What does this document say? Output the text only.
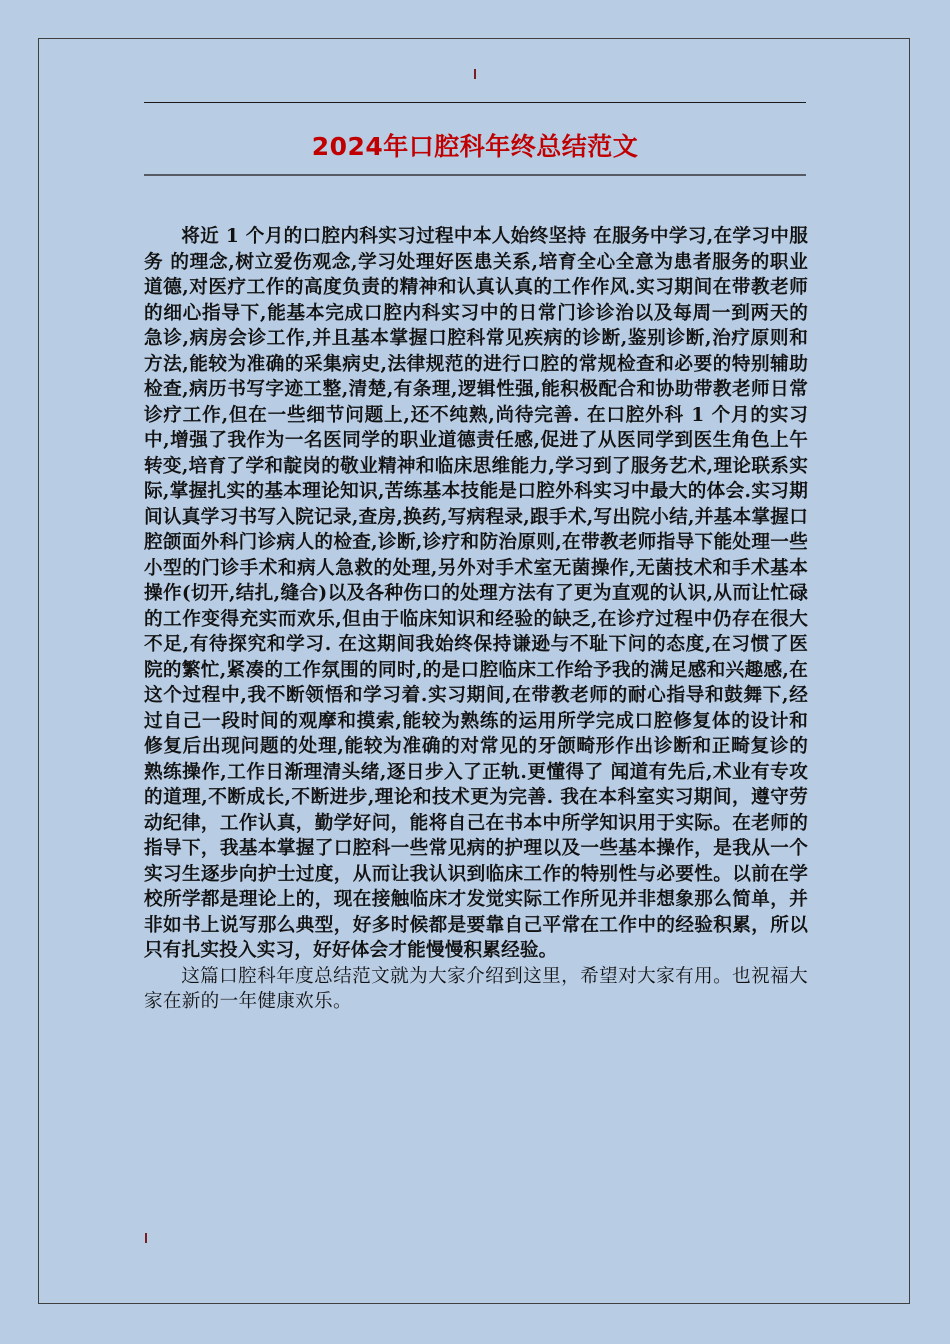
2024年口腔科年终总结范文

将近 1 个月的口腔内科实习过程中本人始终坚持 在服务中学习,在学习中服务 的理念,树立爱伤观念,学习处理好医患关系,培育全心全意为患者服务的职业道德,对医疗工作的高度负责的精神和认真认真的工作作风.实习期间在带教老师的细心指导下,能基本完成口腔内科实习中的日常门诊诊治以及每周一到两天的急诊,病房会诊工作,并且基本掌握口腔科常见疾病的诊断,鉴别诊断,治疗原则和方法,能较为准确的采集病史,法律规范的进行口腔的常规检查和必要的特别辅助检查,病历书写字迹工整,清楚,有条理,逻辑性强,能积极配合和协助带教老师日常诊疗工作,但在一些细节问题上,还不纯熟,尚待完善. 在口腔外科 1 个月的实习中,增强了我作为一名医同学的职业道德责任感,促进了从医同学到医生角色上午转变,培育了学和靛岗的敬业精神和临床思维能力,学习到了服务艺术,理论联系实际,掌握扎实的基本理论知识,苦练基本技能是口腔外科实习中最大的体会.实习期间认真学习书写入院记录,查房,换药,写病程录,跟手术,写出院小结,并基本掌握口腔颌面外科门诊病人的检查,诊断,诊疗和防治原则,在带教老师指导下能处理一些小型的门诊手术和病人急救的处理,另外对手术室无菌操作,无菌技术和手术基本操作(切开,结扎,缝合)以及各种伤口的处理方法有了更为直观的认识,从而让忙碌的工作变得充实而欢乐,但由于临床知识和经验的缺乏,在诊疗过程中仍存在很大不足,有待探究和学习. 在这期间我始终保持谦逊与不耻下问的态度,在习惯了医院的繁忙,紧凑的工作氛围的同时,的是口腔临床工作给予我的满足感和兴趣感,在这个过程中,我不断领悟和学习着.实习期间,在带教老师的耐心指导和鼓舞下,经过自己一段时间的观摩和摸索,能较为熟练的运用所学完成口腔修复体的设计和修复后出现问题的处理,能较为准确的对常见的牙颌畸形作出诊断和正畸复诊的熟练操作,工作日渐理清头绪,逐日步入了正轨.更懂得了 闻道有先后,术业有专攻 的道理,不断成长,不断进步,理论和技术更为完善. 我在本科室实习期间，遵守劳动纪律，工作认真，勤学好问，能将自己在书本中所学知识用于实际。在老师的指导下，我基本掌握了口腔科一些常见病的护理以及一些基本操作，是我从一个实习生逐步向护士过度，从而让我认识到临床工作的特别性与必要性。以前在学校所学都是理论上的，现在接触临床才发觉实际工作所见并非想象那么简单，并非如书上说写那么典型，好多时候都是要靠自己平常在工作中的经验积累，所以只有扎实投入实习，好好体会才能慢慢积累经验。

这篇口腔科年度总结范文就为大家介绍到这里，希望对大家有用。也祝福大家在新的一年健康欢乐。
